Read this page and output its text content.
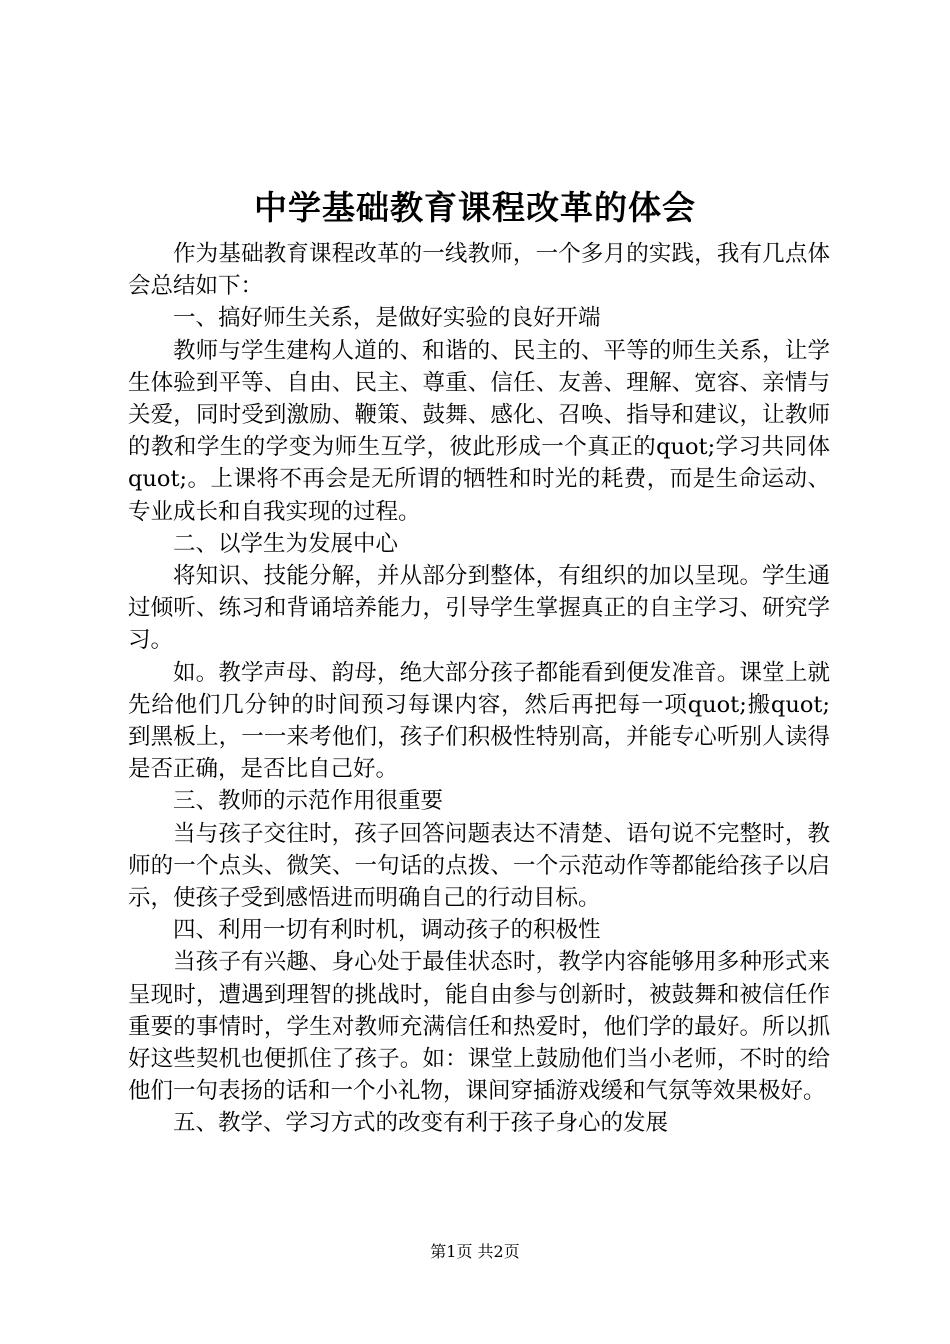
中学基础教育课程改革的体会

作为基础教育课程改革的一线教师，一个多月的实践，我有几点体会总结如下：

一、搞好师生关系，是做好实验的良好开端

教师与学生建构人道的、和谐的、民主的、平等的师生关系，让学生体验到平等、自由、民主、尊重、信任、友善、理解、宽容、亲情与关爱，同时受到激励、鞭策、鼓舞、感化、召唤、指导和建议，让教师的教和学生的学变为师生互学，彼此形成一个真正的quot;学习共同体quot;。上课将不再会是无所谓的牺牲和时光的耗费，而是生命运动、专业成长和自我实现的过程。

二、以学生为发展中心

将知识、技能分解，并从部分到整体，有组织的加以呈现。学生通过倾听、练习和背诵培养能力，引导学生掌握真正的自主学习、研究学习。

如。教学声母、韵母，绝大部分孩子都能看到便发准音。课堂上就先给他们几分钟的时间预习每课内容，然后再把每一项quot;搬quot;到黑板上，一一来考他们，孩子们积极性特别高，并能专心听别人读得是否正确，是否比自己好。

三、教师的示范作用很重要

当与孩子交往时，孩子回答问题表达不清楚、语句说不完整时，教师的一个点头、微笑、一句话的点拨、一个示范动作等都能给孩子以启示，使孩子受到感悟进而明确自己的行动目标。

四、利用一切有利时机，调动孩子的积极性

当孩子有兴趣、身心处于最佳状态时，教学内容能够用多种形式来呈现时，遭遇到理智的挑战时，能自由参与创新时，被鼓舞和被信任作重要的事情时，学生对教师充满信任和热爱时，他们学的最好。所以抓好这些契机也便抓住了孩子。如：课堂上鼓励他们当小老师，不时的给他们一句表扬的话和一个小礼物，课间穿插游戏缓和气氛等效果极好。

五、教学、学习方式的改变有利于孩子身心的发展

第1页 共2页
